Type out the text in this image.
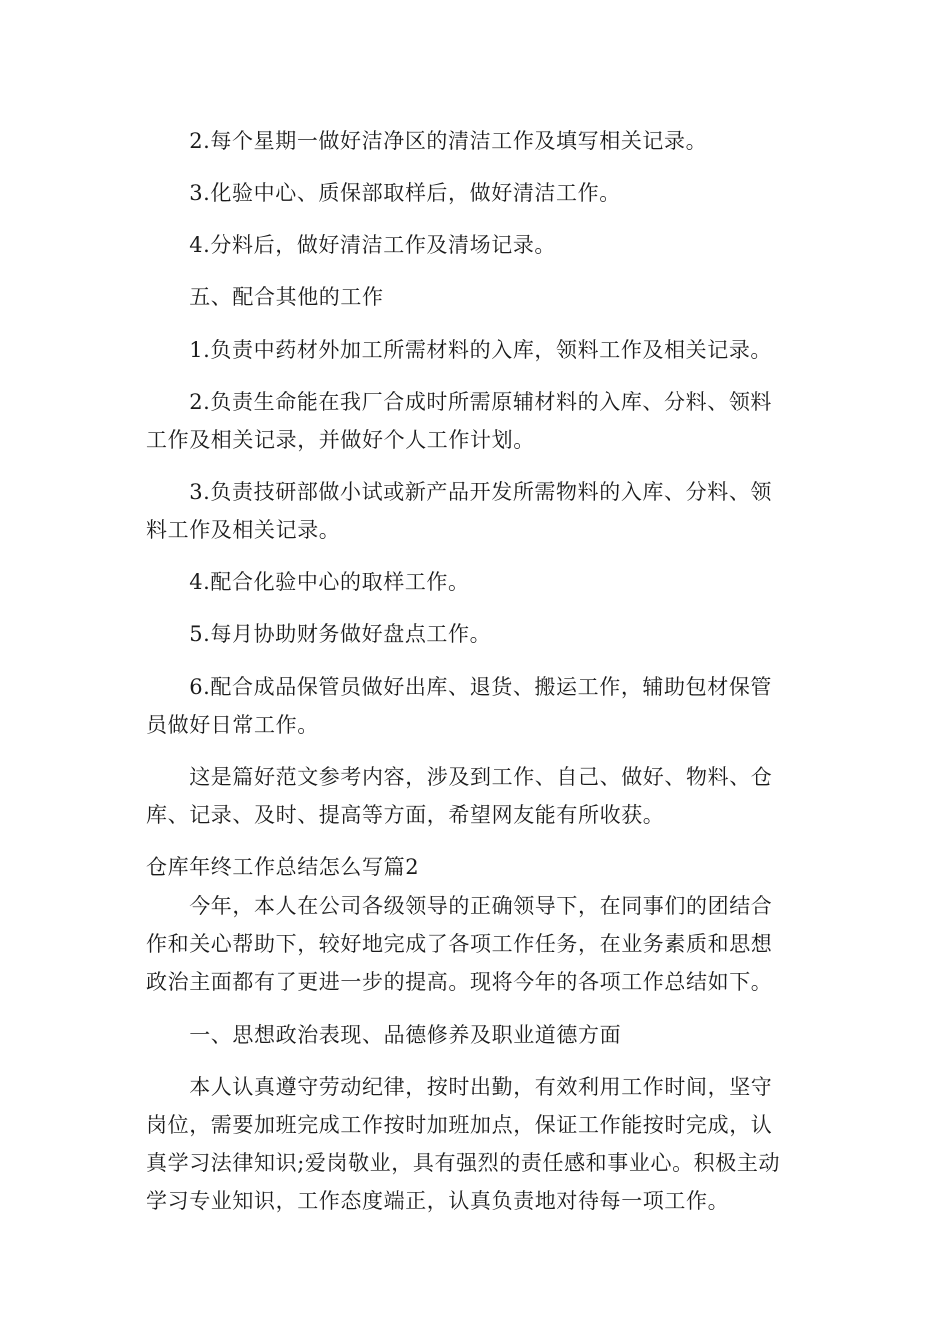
　　2.每个星期一做好洁净区的清洁工作及填写相关记录。
　　3.化验中心、质保部取样后，做好清洁工作。
　　4.分料后，做好清洁工作及清场记录。
　　五、配合其他的工作
　　1.负责中药材外加工所需材料的入库，领料工作及相关记录。
　　2.负责生命能在我厂合成时所需原辅材料的入库、分料、领料
工作及相关记录，并做好个人工作计划。
　　3.负责技研部做小试或新产品开发所需物料的入库、分料、领
料工作及相关记录。
　　4.配合化验中心的取样工作。
　　5.每月协助财务做好盘点工作。
　　6.配合成品保管员做好出库、退货、搬运工作，辅助包材保管
员做好日常工作。
　　这是篇好范文参考内容，涉及到工作、自己、做好、物料、仓
库、记录、及时、提高等方面，希望网友能有所收获。
仓库年终工作总结怎么写篇2
　　今年，本人在公司各级领导的正确领导下，在同事们的团结合
作和关心帮助下，较好地完成了各项工作任务，在业务素质和思想
政治主面都有了更进一步的提高。现将今年的各项工作总结如下。
　　一、思想政治表现、品德修养及职业道德方面
　　本人认真遵守劳动纪律，按时出勤，有效利用工作时间，坚守
岗位，需要加班完成工作按时加班加点，保证工作能按时完成，认
真学习法律知识;爱岗敬业，具有强烈的责任感和事业心。积极主动
学习专业知识，工作态度端正，认真负责地对待每一项工作。
